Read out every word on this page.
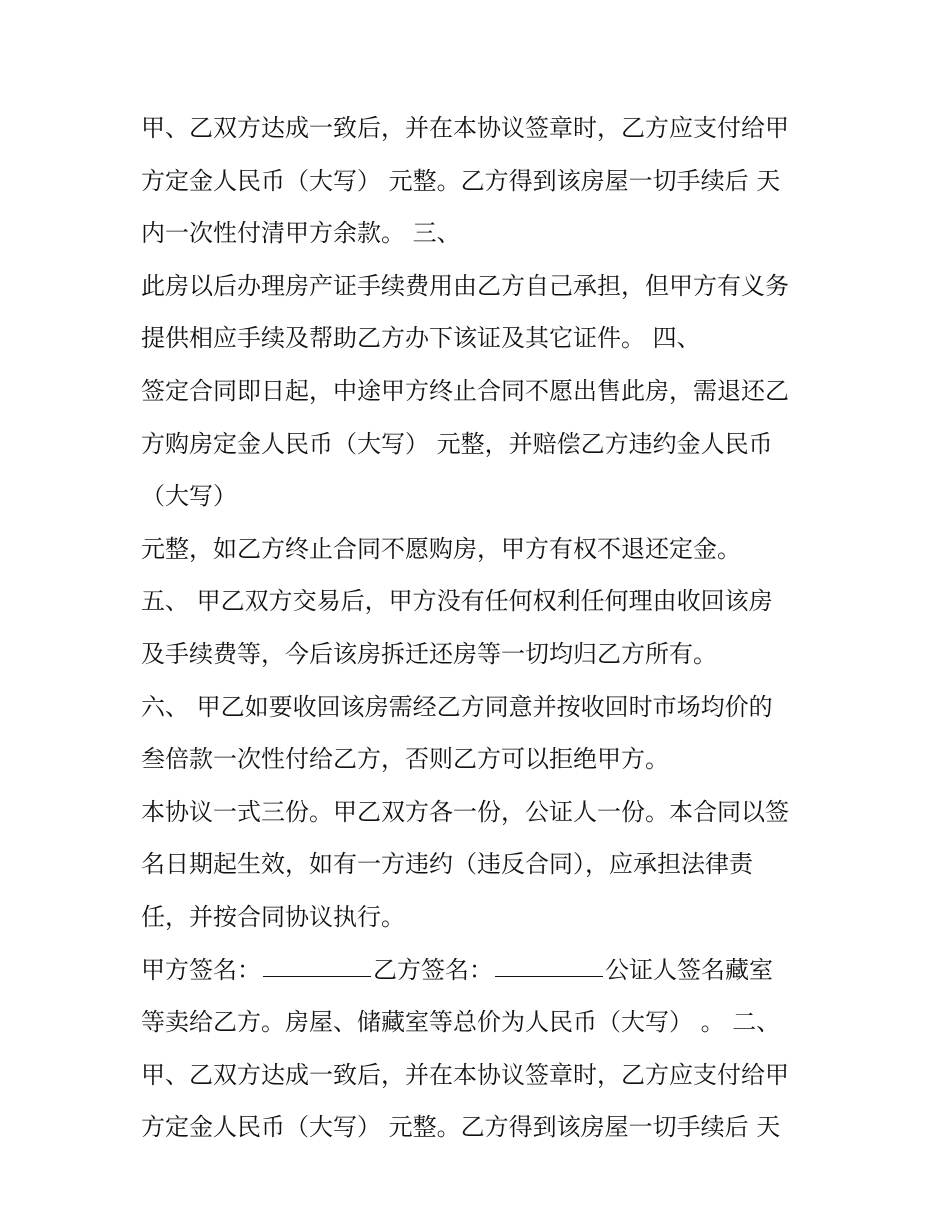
甲、乙双方达成一致后，并在本协议签章时，乙方应支付给甲
方定金人民币（大写） 元整。乙方得到该房屋一切手续后 天
内一次性付清甲方余款。 三、
此房以后办理房产证手续费用由乙方自己承担，但甲方有义务
提供相应手续及帮助乙方办下该证及其它证件。 四、
签定合同即日起，中途甲方终止合同不愿出售此房，需退还乙
方购房定金人民币（大写） 元整，并赔偿乙方违约金人民币
（大写）
元整，如乙方终止合同不愿购房，甲方有权不退还定金。
五、 甲乙双方交易后，甲方没有任何权利任何理由收回该房
及手续费等，今后该房拆迁还房等一切均归乙方所有。
六、 甲乙如要收回该房需经乙方同意并按收回时市场均价的
叁倍款一次性付给乙方，否则乙方可以拒绝甲方。
本协议一式三份。甲乙双方各一份，公证人一份。本合同以签
名日期起生效，如有一方违约（违反合同），应承担法律责
任，并按合同协议执行。
甲方签名：	乙方签名：	公证人签名藏室
等卖给乙方。房屋、储藏室等总价为人民币（大写） 。 二、
甲、乙双方达成一致后，并在本协议签章时，乙方应支付给甲
方定金人民币（大写） 元整。乙方得到该房屋一切手续后 天
